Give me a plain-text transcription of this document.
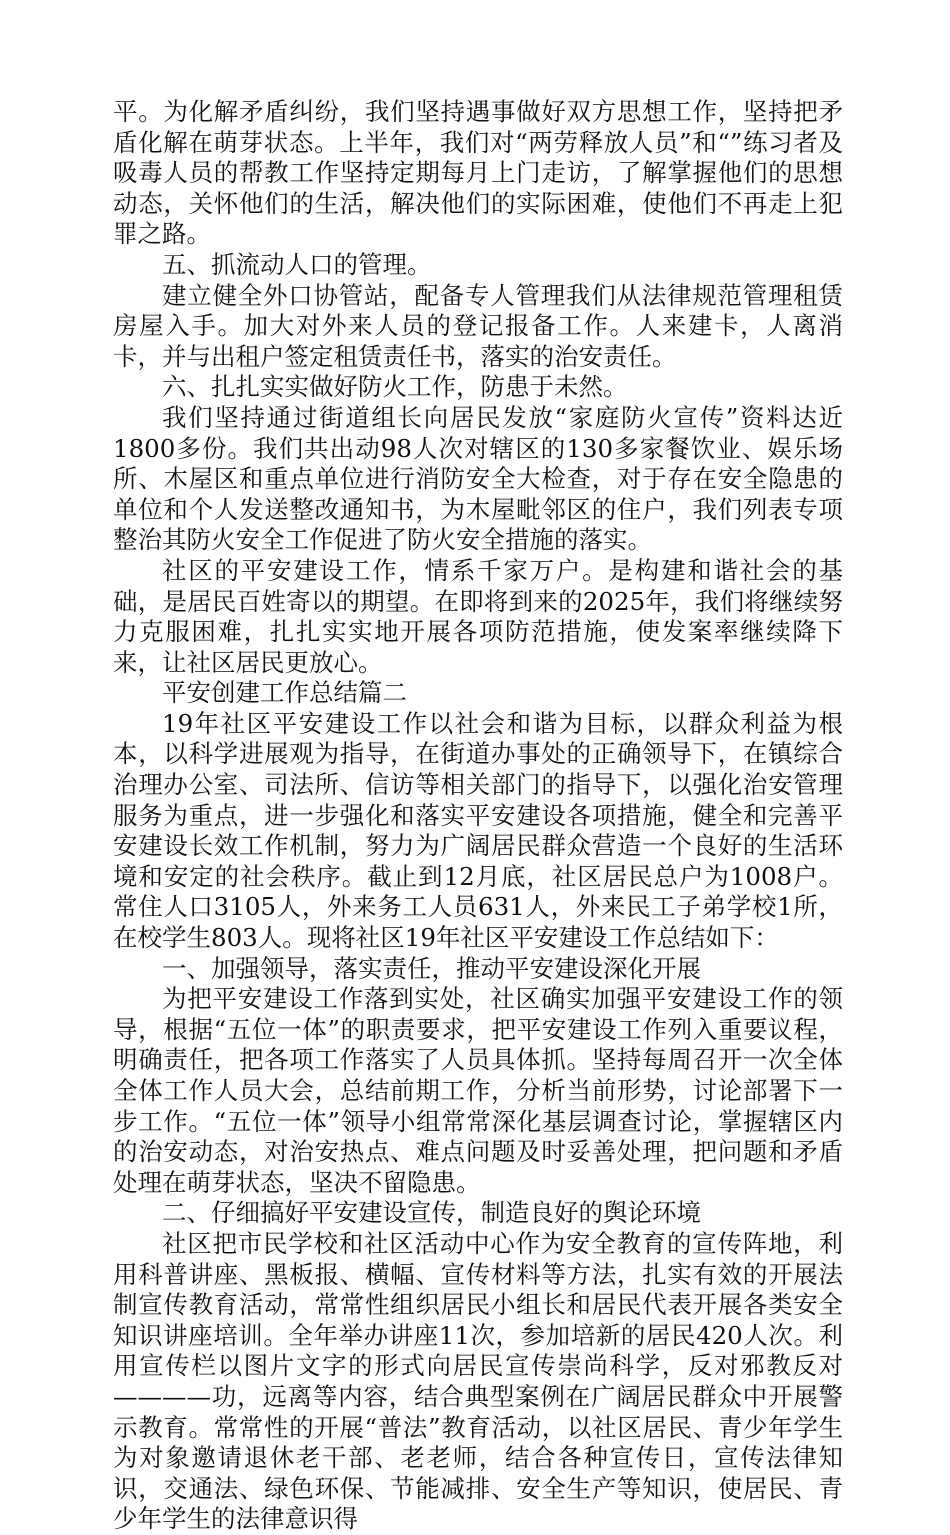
平。为化解矛盾纠纷，我们坚持遇事做好双方思想工作，坚持把矛盾化解在萌芽状态。上半年，我们对“两劳释放人员”和“”练习者及吸毒人员的帮教工作坚持定期每月上门走访，了解掌握他们的思想动态，关怀他们的生活，解决他们的实际困难，使他们不再走上犯罪之路。

五、抓流动人口的管理。

建立健全外口协管站，配备专人管理我们从法律规范管理租赁房屋入手。加大对外来人员的登记报备工作。人来建卡，人离消卡，并与出租户签定租赁责任书，落实的治安责任。

六、扎扎实实做好防火工作，防患于未然。

我们坚持通过街道组长向居民发放“家庭防火宣传”资料达近1800多份。我们共出动98人次对辖区的130多家餐饮业、娱乐场所、木屋区和重点单位进行消防安全大检查，对于存在安全隐患的单位和个人发送整改通知书，为木屋毗邻区的住户，我们列表专项整治其防火安全工作促进了防火安全措施的落实。

社区的平安建设工作，情系千家万户。是构建和谐社会的基础，是居民百姓寄以的期望。在即将到来的2025年，我们将继续努力克服困难，扎扎实实地开展各项防范措施，使发案率继续降下来，让社区居民更放心。

平安创建工作总结篇二

19年社区平安建设工作以社会和谐为目标，以群众利益为根本，以科学进展观为指导，在街道办事处的正确领导下，在镇综合治理办公室、司法所、信访等相关部门的指导下，以强化治安管理服务为重点，进一步强化和落实平安建设各项措施，健全和完善平安建设长效工作机制，努力为广阔居民群众营造一个良好的生活环境和安定的社会秩序。截止到12月底，社区居民总户为1008户。常住人口3105人，外来务工人员631人，外来民工子弟学校1所，在校学生803人。现将社区19年社区平安建设工作总结如下：

一、加强领导，落实责任，推动平安建设深化开展

为把平安建设工作落到实处，社区确实加强平安建设工作的领导，根据“五位一体”的职责要求，把平安建设工作列入重要议程，明确责任，把各项工作落实了人员具体抓。坚持每周召开一次全体全体工作人员大会，总结前期工作，分析当前形势，讨论部署下一步工作。“五位一体”领导小组常常深化基层调查讨论，掌握辖区内的治安动态，对治安热点、难点问题及时妥善处理，把问题和矛盾处理在萌芽状态，坚决不留隐患。

二、仔细搞好平安建设宣传，制造良好的舆论环境

社区把市民学校和社区活动中心作为安全教育的宣传阵地，利用科普讲座、黑板报、横幅、宣传材料等方法，扎实有效的开展法制宣传教育活动，常常性组织居民小组长和居民代表开展各类安全知识讲座培训。全年举办讲座11次，参加培新的居民420人次。利用宣传栏以图片文字的形式向居民宣传崇尚科学，反对邪教反对————功，远离等内容，结合典型案例在广阔居民群众中开展警示教育。常常性的开展“普法”教育活动，以社区居民、青少年学生为对象邀请退休老干部、老老师，结合各种宣传日，宣传法律知识，交通法、绿色环保、节能减排、安全生产等知识，使居民、青少年学生的法律意识得
